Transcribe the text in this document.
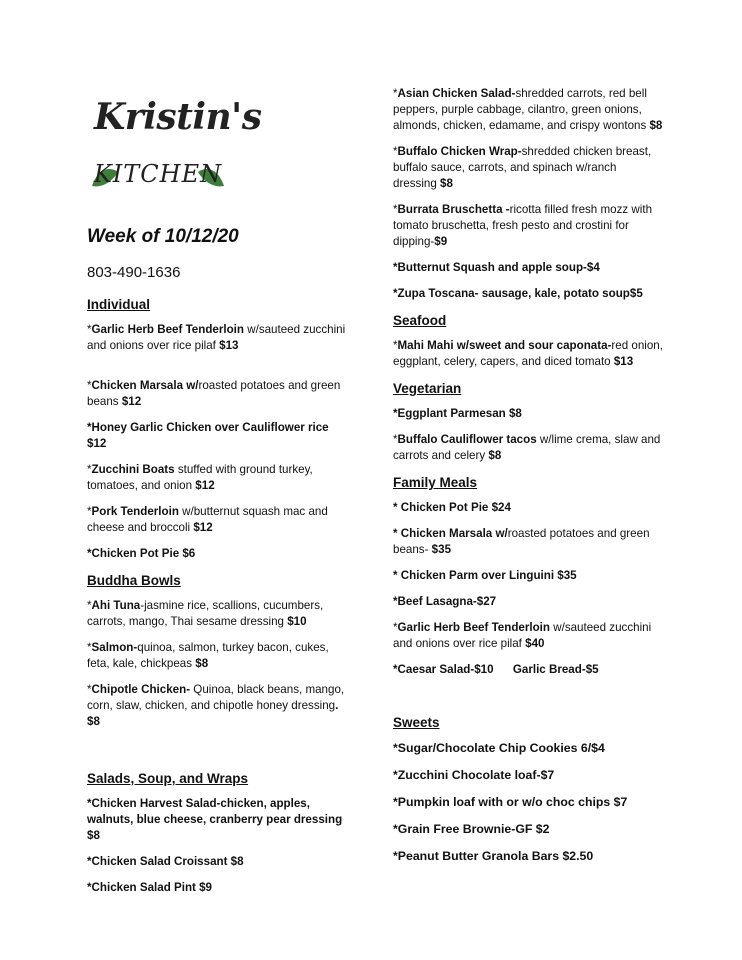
Kristin's
KITCHEN
Week of 10/12/20
803-490-1636
Individual
*Garlic Herb Beef Tenderloin w/sauteed zucchini and onions over rice pilaf $13
*Chicken Marsala w/roasted potatoes and green beans $12
*Honey Garlic Chicken over Cauliflower rice $12
*Zucchini Boats stuffed with ground turkey, tomatoes, and onion $12
*Pork Tenderloin w/butternut squash mac and cheese and broccoli $12
*Chicken Pot Pie $6
Buddha Bowls
*Ahi Tuna-jasmine rice, scallions, cucumbers, carrots, mango, Thai sesame dressing $10
*Salmon-quinoa, salmon, turkey bacon, cukes, feta, kale, chickpeas $8
*Chipotle Chicken- Quinoa, black beans, mango, corn, slaw, chicken, and chipotle honey dressing. $8
Salads, Soup, and Wraps
*Chicken Harvest Salad-chicken, apples, walnuts, blue cheese, cranberry pear dressing $8
*Chicken Salad Croissant $8
*Chicken Salad Pint $9
*Asian Chicken Salad-shredded carrots, red bell peppers, purple cabbage, cilantro, green onions, almonds, chicken, edamame, and crispy wontons $8
*Buffalo Chicken Wrap-shredded chicken breast, buffalo sauce, carrots, and spinach w/ranch dressing $8
*Burrata Bruschetta -ricotta filled fresh mozz with tomato bruschetta, fresh pesto and crostini for dipping-$9
*Butternut Squash and apple soup-$4
*Zupa Toscana- sausage, kale, potato soup$5
Seafood
*Mahi Mahi w/sweet and sour caponata-red onion, eggplant, celery, capers, and diced tomato $13
Vegetarian
*Eggplant Parmesan $8
*Buffalo Cauliflower tacos w/lime crema, slaw and carrots and celery $8
Family Meals
* Chicken Pot Pie $24
* Chicken Marsala w/roasted potatoes and green beans- $35
* Chicken Parm over Linguini $35
*Beef Lasagna-$27
*Garlic Herb Beef Tenderloin w/sauteed zucchini and onions over rice pilaf $40
*Caesar Salad-$10      Garlic Bread-$5
Sweets
*Sugar/Chocolate Chip Cookies 6/$4
*Zucchini Chocolate loaf-$7
*Pumpkin loaf with or w/o choc chips $7
*Grain Free Brownie-GF $2
*Peanut Butter Granola Bars $2.50
